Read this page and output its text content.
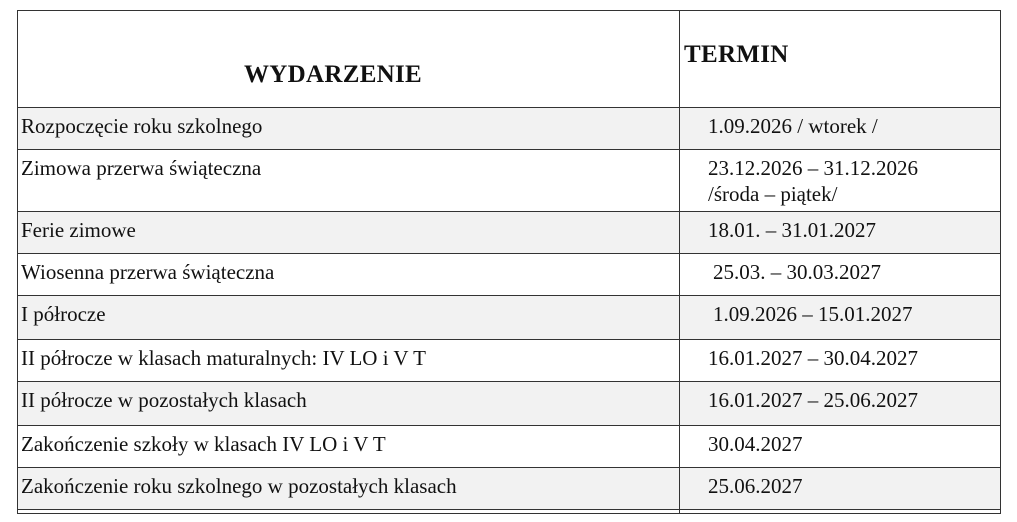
WYDARZENIE	TERMIN

Rozpoczęcie roku szkolnego	1.09.2026 / wtorek /
Zimowa przerwa świąteczna	23.12.2026 – 31.12.2026
/środa – piątek/

Ferie zimowe	18.01. – 31.01.2027
Wiosenna przerwa świąteczna	25.03. – 30.03.2027
I półrocze	1.09.2026 – 15.01.2027
II półrocze w klasach maturalnych: IV LO i V T	16.01.2027 – 30.04.2027
II półrocze w pozostałych klasach	16.01.2027 – 25.06.2027
Zakończenie szkoły w klasach IV LO i V T	30.04.2027
Zakończenie roku szkolnego w pozostałych klasach	25.06.2027
